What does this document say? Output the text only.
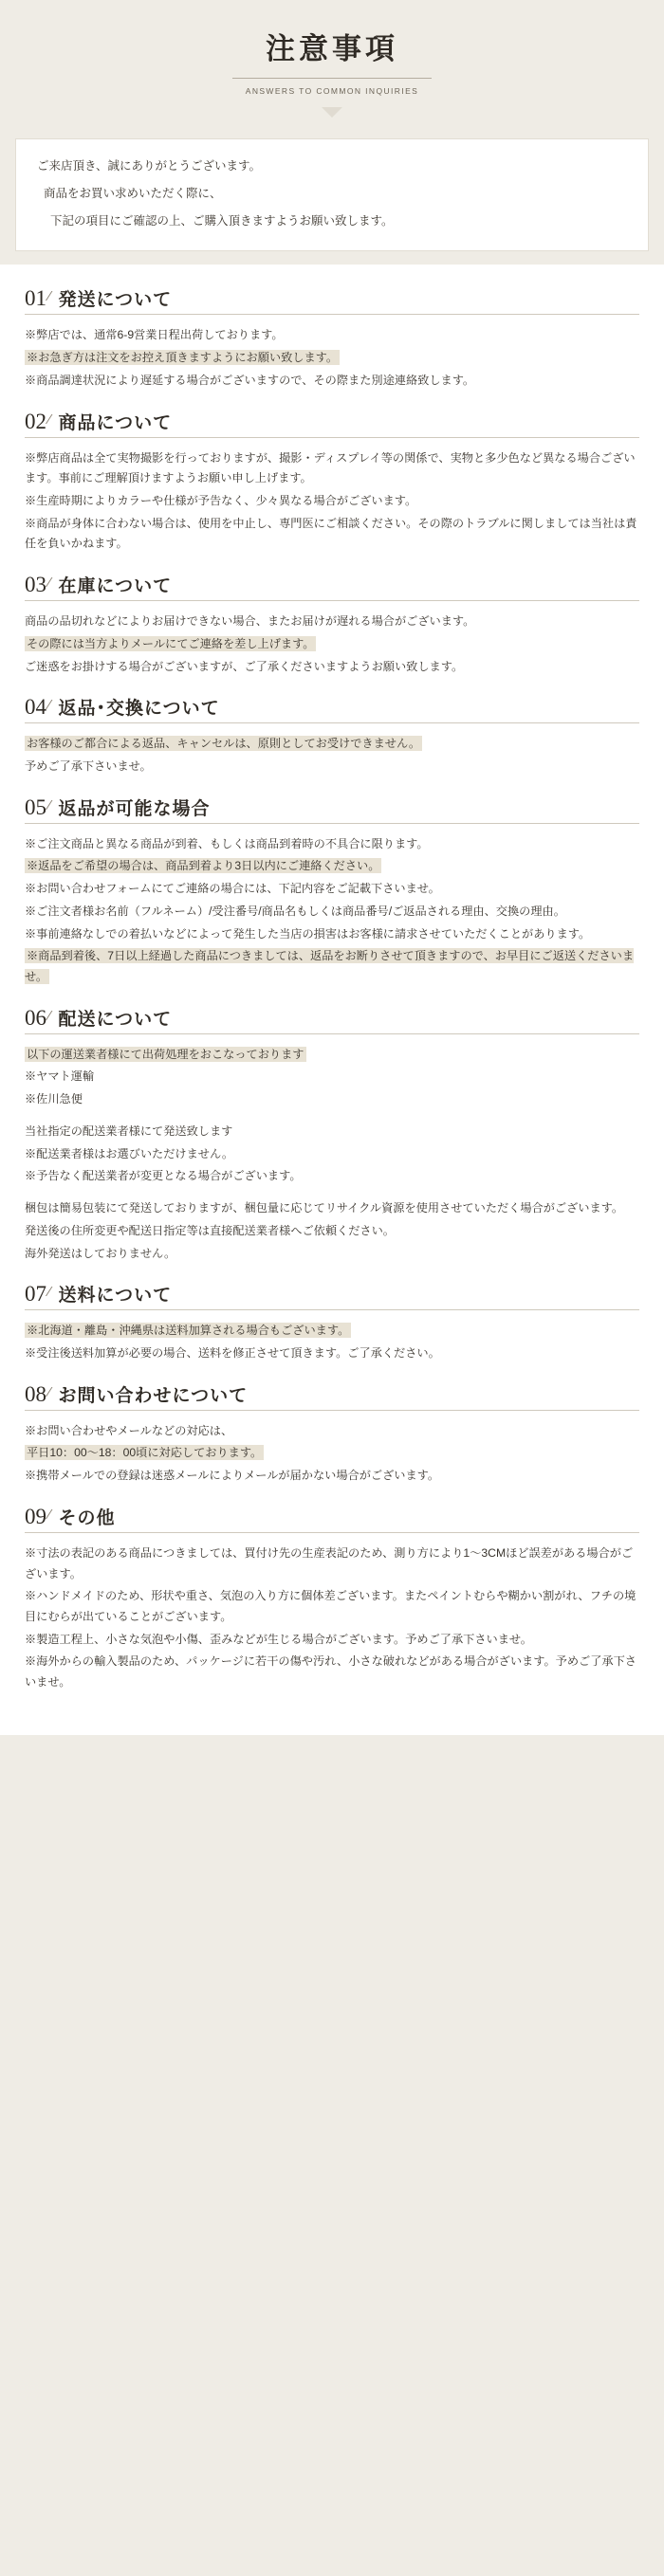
注意事項
ANSWERS TO COMMON INQUIRIES

ご来店頂き、誠にありがとうございます。

商品をお買い求めいただく際に、

下記の項目にご確認の上、ご購入頂きますようお願い致します。

01 ⁄ 発送について

※弊店では、通常6-9営業日程出荷しております。

※お急ぎ方は注文をお控え頂きますようにお願い致します。

※商品調達状況により遅延する場合がございますので、その際また別途連絡致します。

02 ⁄ 商品について

※弊店商品は全て実物撮影を行っておりますが、撮影・ディスプレイ等の関係で、実物と多少色など異なる場合ございます。事前にご理解頂けますようお願い申し上げます。

※生産時期によりカラーや仕様が予告なく、少々異なる場合がございます。

※商品が身体に合わない場合は、使用を中止し、専門医にご相談ください。その際のトラブルに関しましては当社は責任を負いかねます。

03 ⁄ 在庫について

商品の品切れなどによりお届けできない場合、またお届けが遅れる場合がございます。

その際には当方よりメールにてご連絡を差し上げます。

ご迷惑をお掛けする場合がございますが、ご了承くださいますようお願い致します。

04 ⁄ 返品･交換について

お客様のご都合による返品、キャンセルは、原則としてお受けできません。

予めご了承下さいませ。

05 ⁄ 返品が可能な場合

※ご注文商品と異なる商品が到着、もしくは商品到着時の不具合に限ります。

※返品をご希望の場合は、商品到着より3日以内にご連絡ください。

※お問い合わせフォームにてご連絡の場合には、下記内容をご記載下さいませ。

※ご注文者様お名前（フルネーム）/受注番号/商品名もしくは商品番号/ご返品される理由、交換の理由。

※事前連絡なしでの着払いなどによって発生した当店の損害はお客様に請求させていただくことがあります。

※商品到着後、7日以上経過した商品につきましては、返品をお断りさせて頂きますので、お早目にご返送くださいませ。

06 ⁄ 配送について

以下の運送業者様にて出荷処理をおこなっております

※ヤマト運輸

※佐川急便

当社指定の配送業者様にて発送致します

※配送業者様はお選びいただけません。

※予告なく配送業者が変更となる場合がございます。

梱包は簡易包装にて発送しておりますが、梱包量に応じてリサイクル資源を使用させていただく場合がございます。

発送後の住所変更や配送日指定等は直接配送業者様へご依頼ください。

海外発送はしておりません。

07 ⁄ 送料について

※北海道・離島・沖縄県は送料加算される場合もございます。

※受注後送料加算が必要の場合、送料を修正させて頂きます。ご了承ください。

08 ⁄ お問い合わせについて

※お問い合わせやメールなどの対応は、

平日10：00～18：00頃に対応しております。

※携帯メールでの登録は迷惑メールによりメールが届かない場合がございます。

09 ⁄ その他

※寸法の表記のある商品につきましては、買付け先の生産表記のため、測り方により1～3CMほど誤差がある場合がございます。

※ハンドメイドのため、形状や重さ、気泡の入り方に個体差ございます。またペイントむらや糊かい割がれ、フチの境目にむらが出ていることがございます。

※製造工程上、小さな気泡や小傷、歪みなどが生じる場合がございます。予めご了承下さいませ。

※海外からの輸入製品のため、パッケージに若干の傷や汚れ、小さな破れなどがある場合がざいます。予めご了承下さいませ。
